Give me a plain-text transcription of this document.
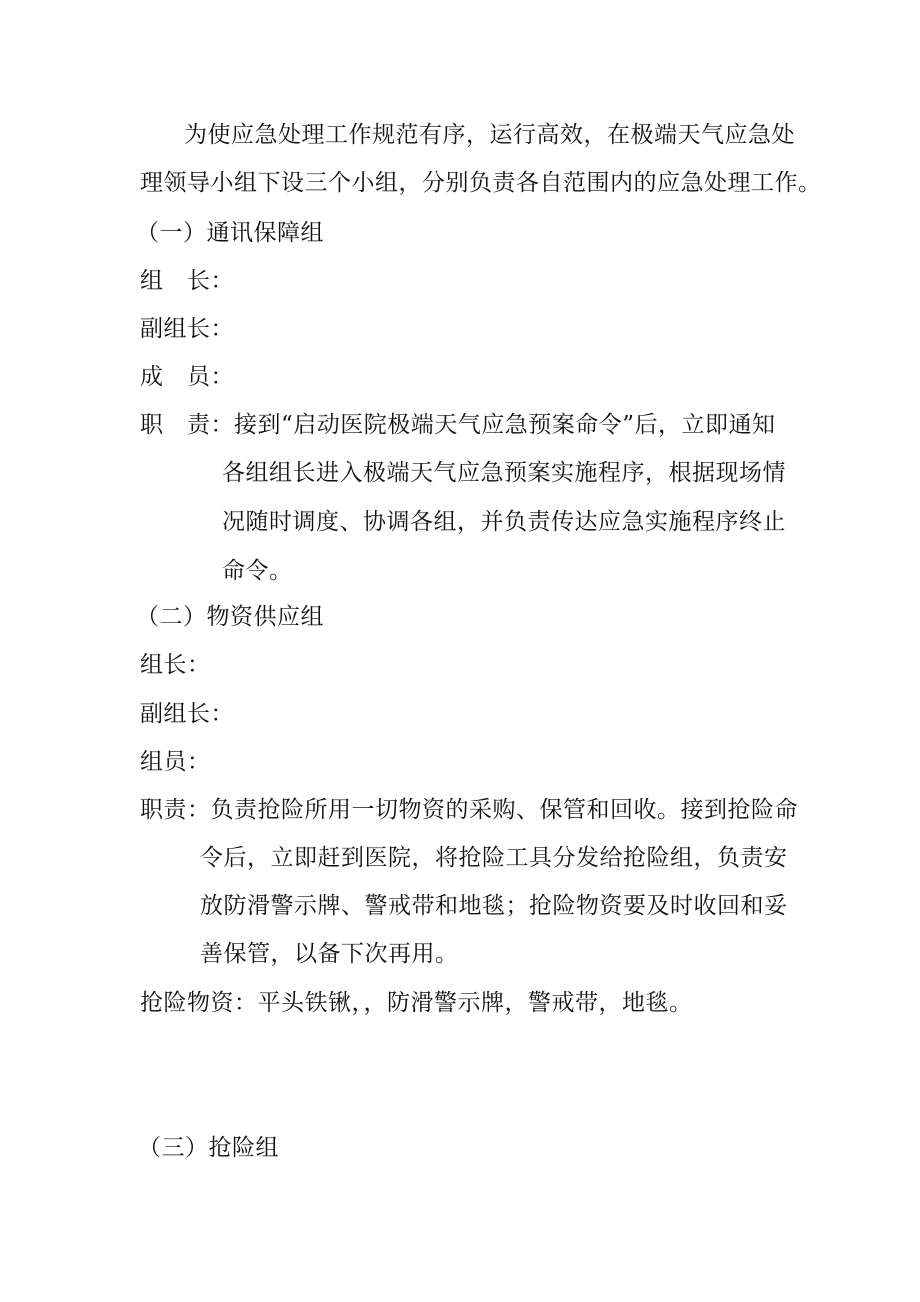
为使应急处理工作规范有序，运行高效，在极端天气应急处
理领导小组下设三个小组，分别负责各自范围内的应急处理工作。
（一）通讯保障组
组　长：
副组长：
成　员：
职　责：接到“启动医院极端天气应急预案命令”后，立即通知
各组组长进入极端天气应急预案实施程序，根据现场情
况随时调度、协调各组，并负责传达应急实施程序终止
命令。
（二）物资供应组
组长：
副组长：
组员：
职责：负责抢险所用一切物资的采购、保管和回收。接到抢险命
令后，立即赶到医院，将抢险工具分发给抢险组，负责安
放防滑警示牌、警戒带和地毯；抢险物资要及时收回和妥
善保管，以备下次再用。
抢险物资：平头铁锹，，防滑警示牌，警戒带，地毯。
（三）抢险组
